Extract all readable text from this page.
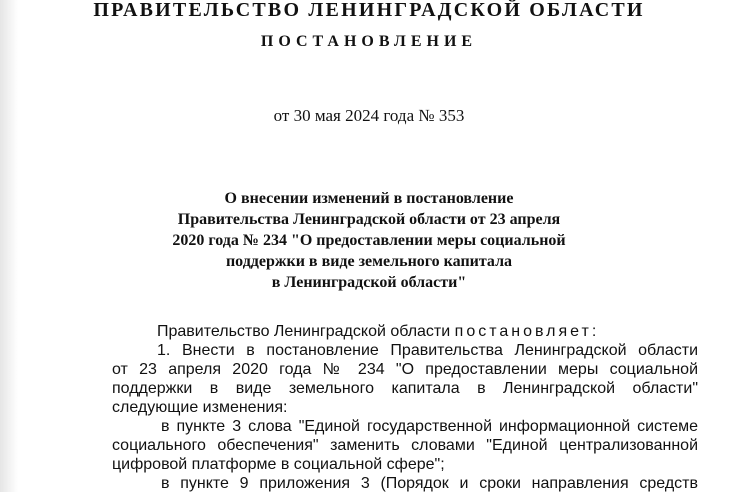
ПРАВИТЕЛЬСТВО ЛЕНИНГРАДСКОЙ ОБЛАСТИ
ПОСТАНОВЛЕНИЕ
от 30 мая 2024 года № 353
О внесении изменений в постановление
Правительства Ленинградской области от 23 апреля
2020 года № 234 "О предоставлении меры социальной
поддержки в виде земельного капитала
в Ленинградской области"
Правительство Ленинградской области постановляет:
1. Внести в постановление Правительства Ленинградской области
от 23 апреля 2020 года № 234 "О предоставлении меры социальной
поддержки в виде земельного капитала в Ленинградской области"
следующие изменения:
в пункте 3 слова "Единой государственной информационной системе
социального обеспечения" заменить словами "Единой централизованной
цифровой платформе в социальной сфере";
в пункте 9 приложения 3 (Порядок и сроки направления средств
